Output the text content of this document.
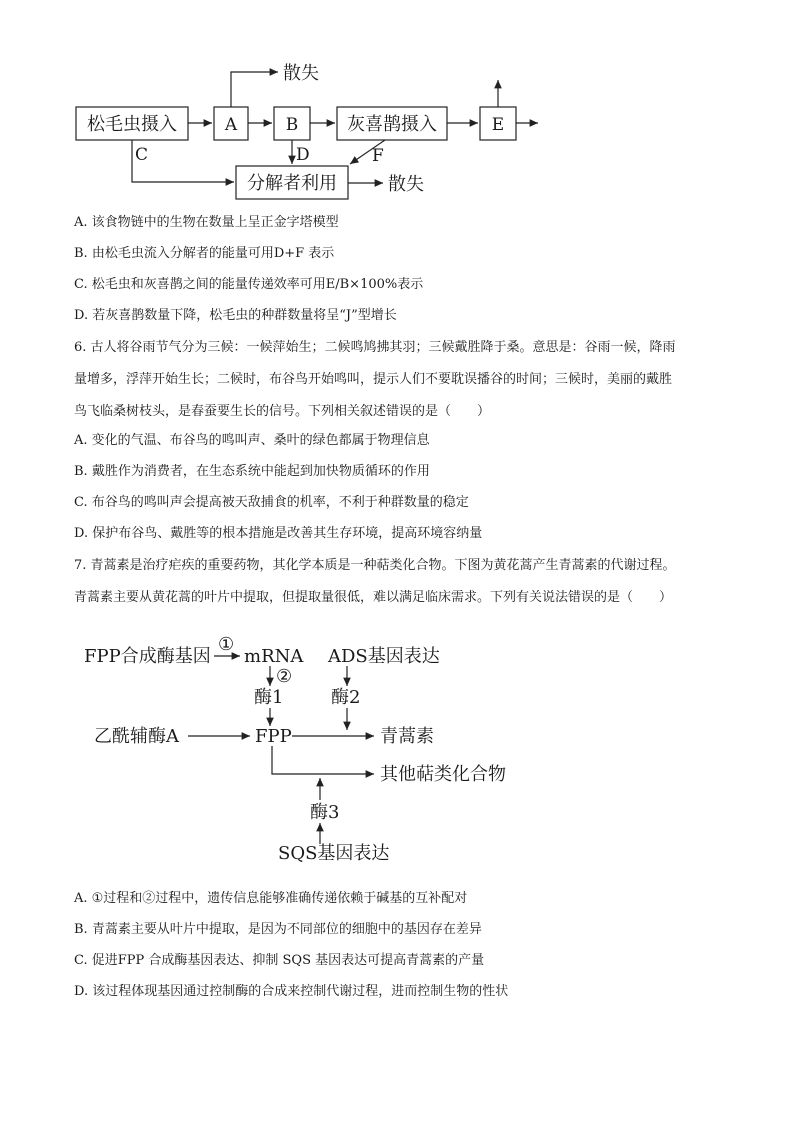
松毛虫摄入	A	B	灰喜鹊摄入	E
分解者利用
散失
C	D	F
散失
A. 该食物链中的生物在数量上呈正金字塔模型
B. 由松毛虫流入分解者的能量可用D+F 表示
C. 松毛虫和灰喜鹊之间的能量传递效率可用E/B×100%表示
D. 若灰喜鹊数量下降，松毛虫的种群数量将呈“J”型增长
6. 古人将谷雨节气分为三候：一候萍始生；二候鸣鸠拂其羽；三候戴胜降于桑。意思是：谷雨一候，降雨
量增多，浮萍开始生长；二候时，布谷鸟开始鸣叫，提示人们不要耽误播谷的时间；三候时，美丽的戴胜
鸟飞临桑树枝头，是春蚕要生长的信号。下列相关叙述错误的是（　　）
A. 变化的气温、布谷鸟的鸣叫声、桑叶的绿色都属于物理信息
B. 戴胜作为消费者，在生态系统中能起到加快物质循环的作用
C. 布谷鸟的鸣叫声会提高被天敌捕食的机率，不利于种群数量的稳定
D. 保护布谷鸟、戴胜等的根本措施是改善其生存环境，提高环境容纳量
7. 青蒿素是治疗疟疾的重要药物，其化学本质是一种萜类化合物。下图为黄花蒿产生青蒿素的代谢过程。
青蒿素主要从黄花蒿的叶片中提取，但提取量很低，难以满足临床需求。下列有关说法错误的是（　　）
FPP合成酶基因
①
mRNA ADS基因表达
②
酶1	酶2
乙酰辅酶A	FPP	青蒿素
其他萜类化合物
酶3
SQS基因表达
A. ①过程和②过程中，遗传信息能够准确传递依赖于碱基的互补配对
B. 青蒿素主要从叶片中提取，是因为不同部位的细胞中的基因存在差异
C. 促进FPP 合成酶基因表达、抑制 SQS 基因表达可提高青蒿素的产量
D. 该过程体现基因通过控制酶的合成来控制代谢过程，进而控制生物的性状
